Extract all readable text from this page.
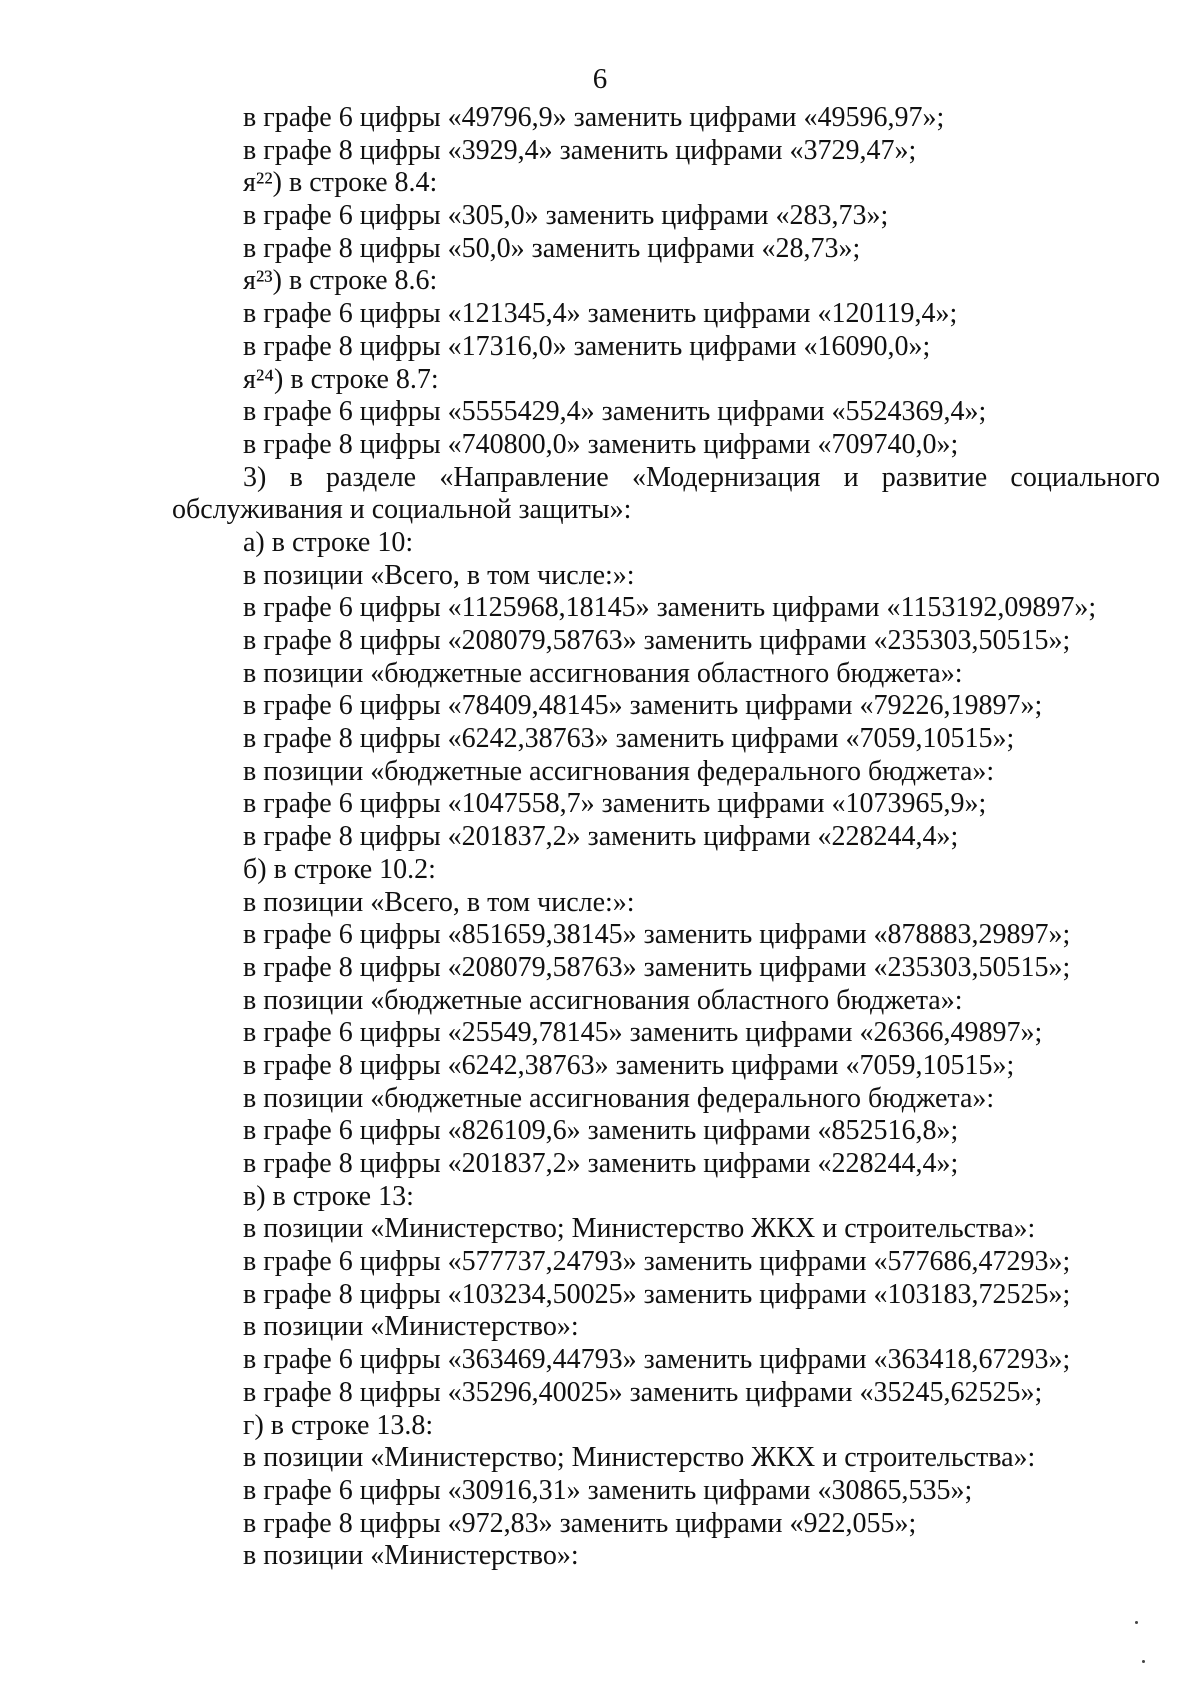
6
в графе 6 цифры «49796,9» заменить цифрами «49596,97»;
в графе 8 цифры «3929,4» заменить цифрами «3729,47»;
я²²) в строке 8.4:
в графе 6 цифры «305,0» заменить цифрами «283,73»;
в графе 8 цифры «50,0» заменить цифрами «28,73»;
я²³) в строке 8.6:
в графе 6 цифры «121345,4» заменить цифрами «120119,4»;
в графе 8 цифры «17316,0» заменить цифрами «16090,0»;
я²⁴) в строке 8.7:
в графе 6 цифры «5555429,4» заменить цифрами «5524369,4»;
в графе 8 цифры «740800,0» заменить цифрами «709740,0»;
3) в разделе «Направление «Модернизация и развитие социального
обслуживания и социальной защиты»:
а) в строке 10:
в позиции «Всего, в том числе:»:
в графе 6 цифры «1125968,18145» заменить цифрами «1153192,09897»;
в графе 8 цифры «208079,58763» заменить цифрами «235303,50515»;
в позиции «бюджетные ассигнования областного бюджета»:
в графе 6 цифры «78409,48145» заменить цифрами «79226,19897»;
в графе 8 цифры «6242,38763» заменить цифрами «7059,10515»;
в позиции «бюджетные ассигнования федерального бюджета»:
в графе 6 цифры «1047558,7» заменить цифрами «1073965,9»;
в графе 8 цифры «201837,2» заменить цифрами «228244,4»;
б) в строке 10.2:
в позиции «Всего, в том числе:»:
в графе 6 цифры «851659,38145» заменить цифрами «878883,29897»;
в графе 8 цифры «208079,58763» заменить цифрами «235303,50515»;
в позиции «бюджетные ассигнования областного бюджета»:
в графе 6 цифры «25549,78145» заменить цифрами «26366,49897»;
в графе 8 цифры «6242,38763» заменить цифрами «7059,10515»;
в позиции «бюджетные ассигнования федерального бюджета»:
в графе 6 цифры «826109,6» заменить цифрами «852516,8»;
в графе 8 цифры «201837,2» заменить цифрами «228244,4»;
в) в строке 13:
в позиции «Министерство; Министерство ЖКХ и строительства»:
в графе 6 цифры «577737,24793» заменить цифрами «577686,47293»;
в графе 8 цифры «103234,50025» заменить цифрами «103183,72525»;
в позиции «Министерство»:
в графе 6 цифры «363469,44793» заменить цифрами «363418,67293»;
в графе 8 цифры «35296,40025» заменить цифрами «35245,62525»;
г) в строке 13.8:
в позиции «Министерство; Министерство ЖКХ и строительства»:
в графе 6 цифры «30916,31» заменить цифрами «30865,535»;
в графе 8 цифры «972,83» заменить цифрами «922,055»;
в позиции «Министерство»:
